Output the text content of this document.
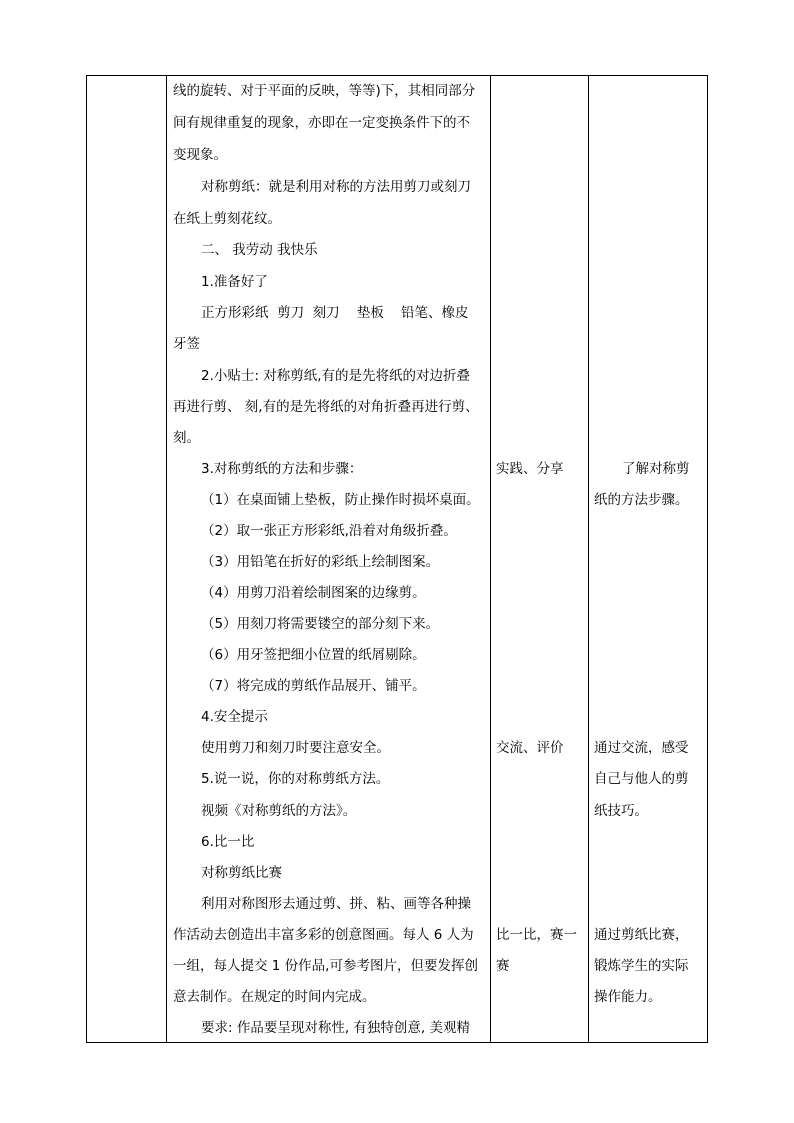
线的旋转、对于平面的反映，等等)下，其相同部分
间有规律重复的现象，亦即在一定变换条件下的不
变现象。
对称剪纸：就是利用对称的方法用剪刀或刻刀
在纸上剪刻花纹。
二、 我劳动 我快乐
1.准备好了
正方形彩纸  剪刀  刻刀    垫板    铅笔、橡皮
牙签
2.小贴士: 对称剪纸,有的是先将纸的对边折叠
再进行剪、 刻,有的是先将纸的对角折叠再进行剪、
刻。
3.对称剪纸的方法和步骤：
（1）在桌面铺上垫板，防止操作时损坏桌面。
（2）取一张正方形彩纸,沿着对角级折叠。
（3）用铅笔在折好的彩纸上绘制图案。
（4）用剪刀沿着绘制图案的边缘剪。
（5）用刻刀将需要镂空的部分刻下来。
（6）用牙签把细小位置的纸屑剔除。
（7）将完成的剪纸作品展开、铺平。
4.安全提示
使用剪刀和刻刀时要注意安全。
5.说一说，你的对称剪纸方法。
视频《对称剪纸的方法》。
6.比一比
对称剪纸比赛
利用对称图形去通过剪、拼、粘、画等各种操
作活动去创造出丰富多彩的创意图画。每人 6 人为
一组，每人提交 1 份作品,可参考图片，但要发挥创
意去制作。在规定的时间内完成。
要求: 作品要呈现对称性, 有独特创意, 美观精
实践、分享
交流、评价
比一比，赛一
赛
了解对称剪
纸的方法步骤。
通过交流，感受
自己与他人的剪
纸技巧。
通过剪纸比赛，
锻炼学生的实际
操作能力。
